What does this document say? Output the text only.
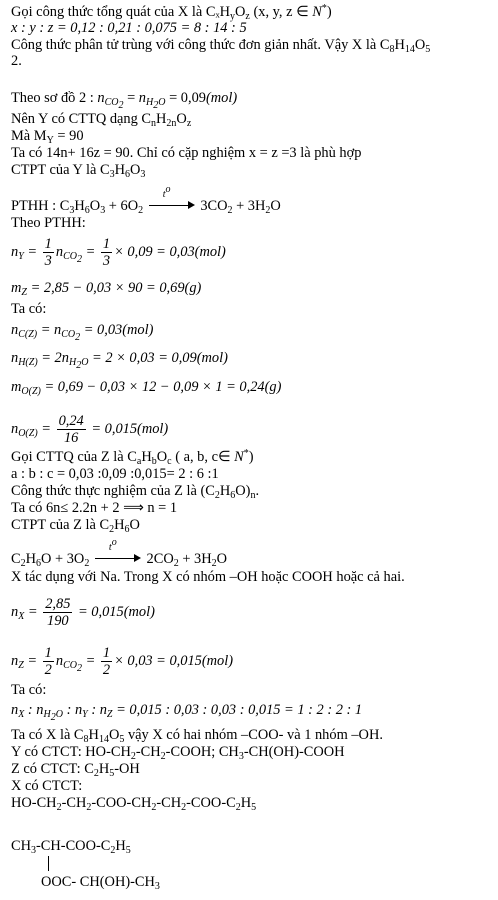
Gọi công thức tổng quát của X là $C_xH_yO_z$ (x, y, z ∈ N*)
x : y : z = 0,12 : 0,21 : 0,075 = 8 : 14 : 5
Công thức phân tử trùng với công thức đơn giản nhất. Vậy X là $C_8H_{14}O_5$
2.
Theo sơ đồ 2 : $n_{CO_2} = n_{H_2O} = 0,09(mol)$
Nên Y có CTTQ dạng $C_nH_{2n}O_z$
Mà $M_Y = 90$
Ta có 14n+ 16z = 90. Chỉ có cặp nghiệm x = z =3 là phù hợp
CTPT của Y là $C_3H_6O_3$
PTHH : $C_3H_6O_3 + 6O_2$
$t^o$
$3CO_2 + 3H_2O$
Theo PTHH:
$n_Y = \frac{1}{3} n_{CO_2} = \frac{1}{3} \times 0,09 = 0,03(mol)$
$m_Z = 2,85 - 0,03 \times 90 = 0,69(g)$
Ta có:
$n_{C(Z)} = n_{CO_2} = 0,03(mol)$
$n_{H(Z)} = 2n_{H_2O} = 2 \times 0,03 = 0,09(mol)$
$m_{O(Z)} = 0,69 - 0,03 \times 12 - 0,09 \times 1 = 0,24(g)$
$n_{O(Z)} = \frac{0,24}{16} = 0,015(mol)$
Gọi CTTQ của Z là $C_aH_bO_c$ ( a, b, c∈ N*)
a : b : c = 0,03 :0,09 :0,015= 2 : 6 :1
Công thức thực nghiệm của Z là $(C_2H_6O)_n$.
Ta có 6n≤ 2.2n + 2 ⟹ n = 1
CTPT của Z là $C_2H_6O$
$C_2H_6O + 3O_2$
$t^o$
$2CO_2 + 3H_2O$
X tác dụng với Na. Trong X có nhóm –OH hoặc COOH hoặc cả hai.
$n_X = \frac{2,85}{190} = 0,015(mol)$
$n_Z = \frac{1}{2} n_{CO_2} = \frac{1}{2} \times 0,03 = 0,015(mol)$
Ta có:
$n_X$ : $n_{H_2O}$ : $n_Y$ : $n_Z = 0,015$ : 0,03 : 0,03 : 0,015 = 1 : 2 : 2 : 1
Ta có X là $C_8H_{14}O_5$ vậy X có hai nhóm –COO- và 1 nhóm –OH.
Y có CTCT: $HO-CH_2-CH_2$-COOH; $CH_3-CH(OH)$-COOH
Z có CTCT: $C_2H_5-OH$
X có CTCT:
$HO-CH_2-CH_2-COO-CH_2-CH_2-COO-C_2H_5$
$CH_3-CH-COO-C_2H_5$
OOC- $CH(OH)-CH_3$
